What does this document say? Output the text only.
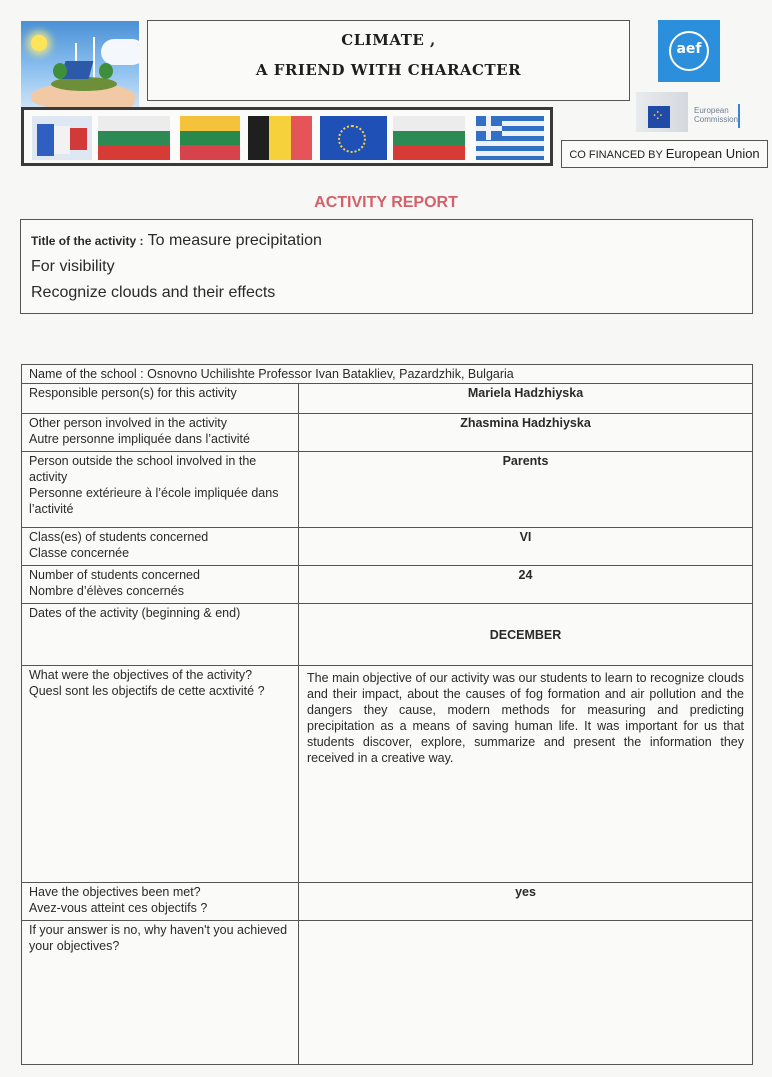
CLIMATE ,
A FRIEND WITH CHARACTER
aef
⁘
European
Commission
CO FINANCED BY European Union
ACTIVITY REPORT
Title of the activity : To measure precipitation
For visibility
Recognize clouds and their effects
Name of the school : Osnovno Uchilishte Professor Ivan Batakliev, Pazardzhik, Bulgaria	

Responsible person(s) for this activity	Mariela Hadzhiyska

Other person involved in the activity
Autre personne impliquée dans l’activité	Zhasmina Hadzhiyska

Person outside the school involved in the activity
Personne extérieure à l’école impliquée dans l’activité	Parents

Class(es) of students concerned
Classe concernée	VI

Number of students concerned
Nombre d’élèves concernés	24

Dates of the activity (beginning & end)	DECEMBER

What were the objectives of the activity?
Quesl sont les objectifs de cette acxtivité ?	The main objective of our activity was our students to learn to recognize clouds and their impact, about the causes of fog formation and air pollution and the dangers they cause, modern methods for measuring and predicting precipitation as a means of saving human life. It was important for us that students discover, explore, summarize and present the information they received in a creative way.

Have the objectives been met?
Avez-vous atteint ces objectifs ?	yes

If your answer is no, why haven't you achieved your objectives?	
